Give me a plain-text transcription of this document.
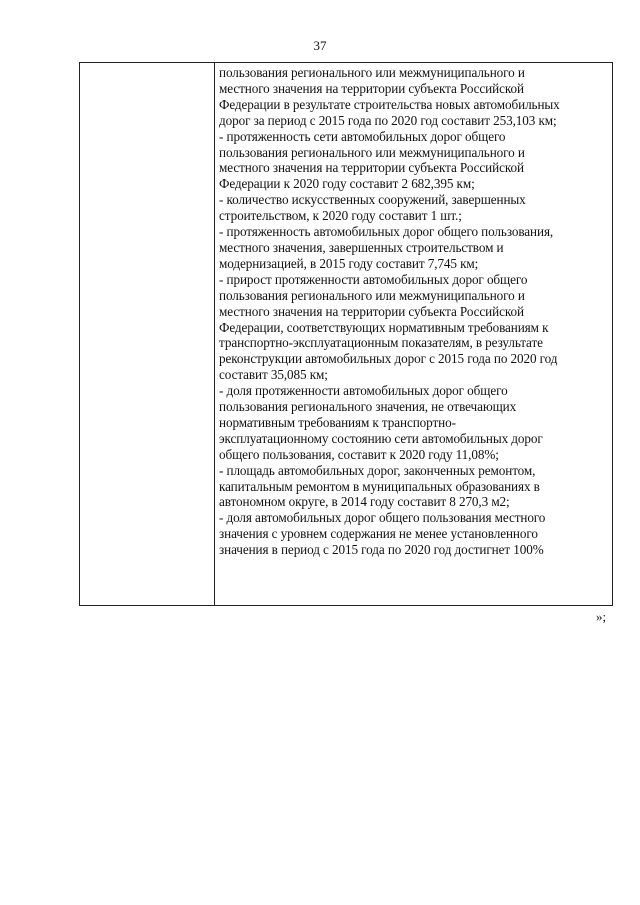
37
пользования регионального или межмуниципального и
местного значения на территории субъекта Российской
Федерации в результате строительства новых автомобильных
дорог за период с 2015 года по 2020 год составит 253,103 км;
- протяженность сети автомобильных дорог общего
пользования регионального или межмуниципального и
местного значения на территории субъекта Российской
Федерации к 2020 году составит 2 682,395 км;
- количество искусственных сооружений, завершенных
строительством, к 2020 году составит 1 шт.;
- протяженность автомобильных дорог общего пользования,
местного значения, завершенных строительством и
модернизацией, в 2015 году составит 7,745 км;
- прирост протяженности автомобильных дорог общего
пользования регионального или межмуниципального и
местного значения на территории субъекта Российской
Федерации, соответствующих нормативным требованиям к
транспортно-эксплуатационным показателям, в результате
реконструкции автомобильных дорог с 2015 года по 2020 год
составит 35,085 км;
- доля протяженности автомобильных дорог общего
пользования регионального значения, не отвечающих
нормативным требованиям к транспортно-
эксплуатационному состоянию сети автомобильных дорог
общего пользования, составит к 2020 году 11,08%;
- площадь автомобильных дорог, законченных ремонтом,
капитальным ремонтом в муниципальных образованиях в
автономном округе, в 2014 году составит 8 270,3 м2;
- доля автомобильных дорог общего пользования местного
значения с уровнем содержания не менее установленного
значения в период с 2015 года по 2020 год достигнет 100%
»;
